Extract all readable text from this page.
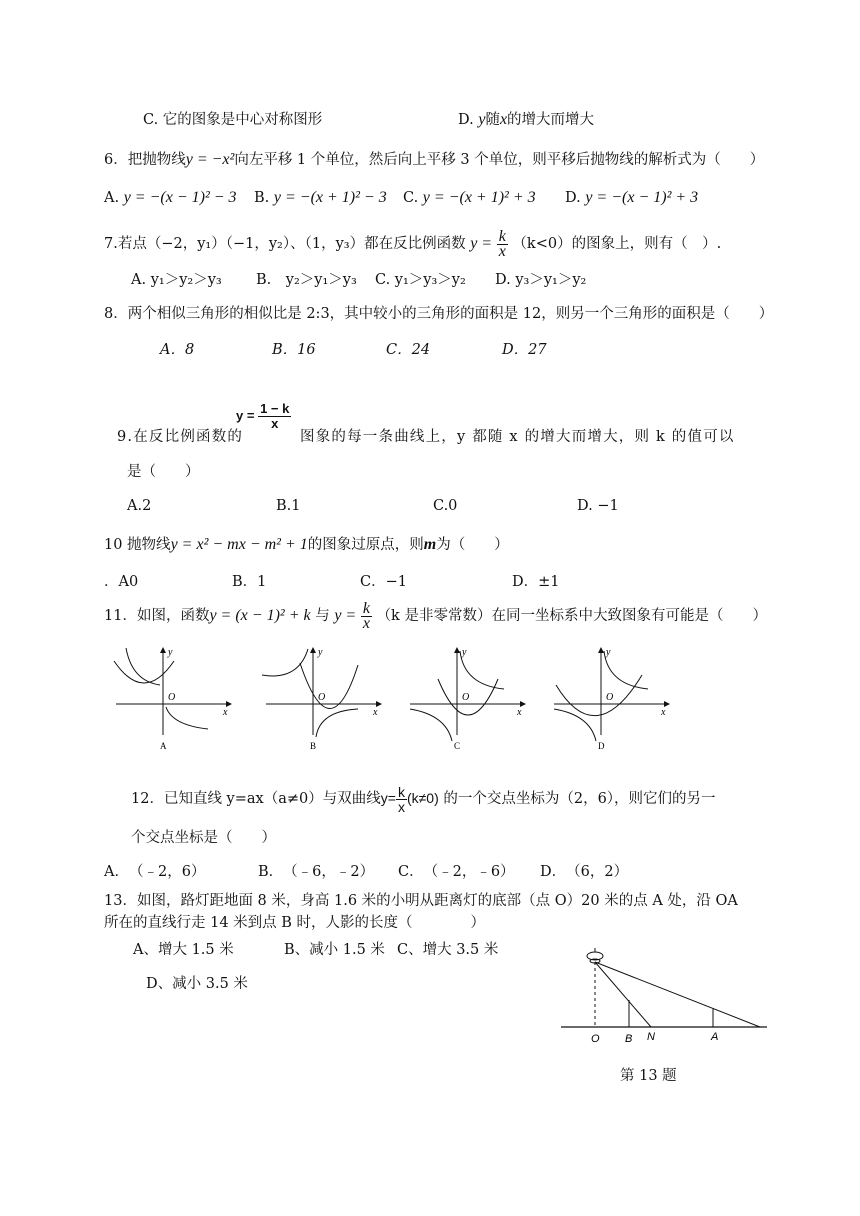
C. 它的图象是中心对称图形	D. y随x的增大而增大
6．把抛物线y = −x²向左平移 1 个单位，然后向上平移 3 个单位，则平移后抛物线的解析式为（　　）
A. y = −(x − 1)² − 3 B. y = −(x + 1)² − 3 C. y = −(x + 1)² + 3 D. y = −(x − 1)² + 3
7.若点（−2，y₁）（−1，y₂）、（1，y₃）都在反比例函数 $y = \frac{k}{x} (k<0)$的图象上，则有（　）.
A. y₁＞y₂＞y₃ B.　y₂＞y₁＞y₃ C. y₁＞y₃＞y₂ D. y₃＞y₁＞y₂
8．两个相似三角形的相似比是 2:3，其中较小的三角形的面积是 12，则另一个三角形的面积是（　　）
A．8	B．16	C．24	D．27
$y = \frac{1 - k}{x}$
9.在反比例函数的	图象的每一条曲线上，y 都随 x 的增大而增大，则 k 的值可以
是（　　）
A.2	B.1	C.0	D. −1
10 抛物线y = x² − mx − m² + 1的图象过原点，则m为（　　）
．A0	B．1	C．−1	D．±1
11．如图，函数y = (x − 1)² + k 与 $y = \frac{k}{x} (k$ 是非零常数）在同一坐标系中大致图象有可能是（　　）
y
x
O
A
y
x
O
B
y
x
O
C
y
x
O
D
12．已知直线 y=ax（a≠0）与双曲线$y= \frac{k}{x} (k\ne 0)$ 的一个交点坐标为（2，6），则它们的另一
个交点坐标是（　　）
A．　（﹣2，6）	B．　（﹣6，﹣2） C．　（﹣2，﹣6） D．　（6，2）
13．如图，路灯距地面 8 米，身高 1.6 米的小明从距离灯的底部（点 O）20 米的点 A 处，沿 OA
所在的直线行走 14 米到点 B 时，人影的长度（　　　　）
A、增大 1.5 米	B、减小 1.5 米 C、增大 3.5 米
D、减小 3.5 米
O B N	A
第 13 题
